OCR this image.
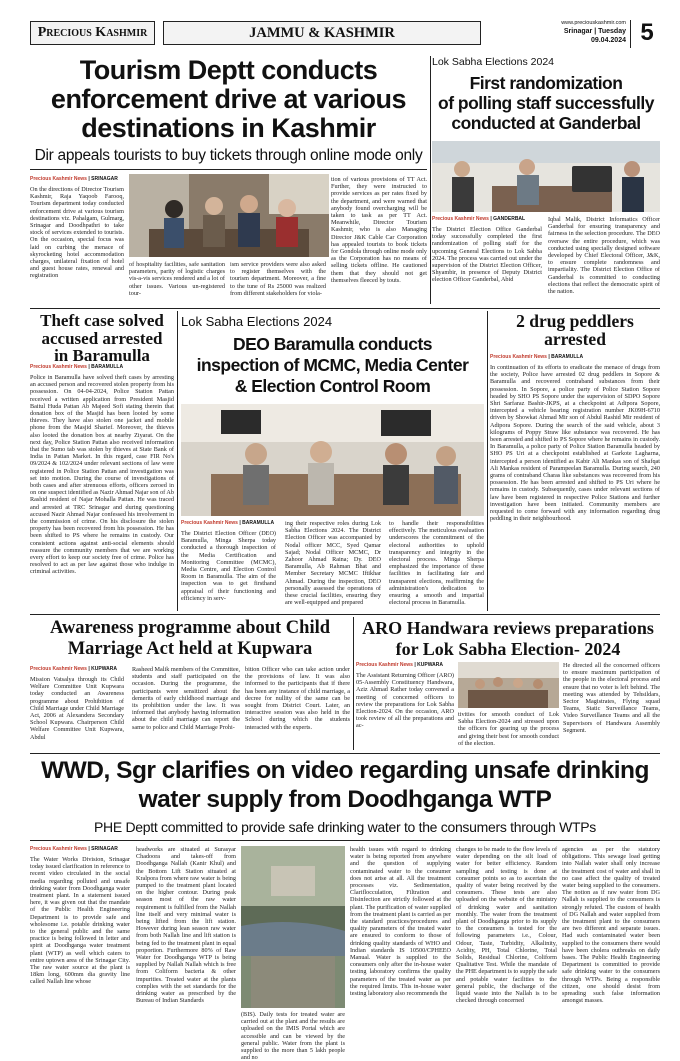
Precious Kashmir	JAMMU & KASHMIR
www.preciouskashmir.com
Srinagar | Tuesday
09.04.2024 5
Tourism Deptt conducts
enforcement drive at various
destinations in Kashmir
Dir appeals tourists to buy tickets through online mode only
Precious Kashmir News | SRINAGAR
On the directions of Director Tourism Kashmir, Raja Yaqoob Farooq, Tourism department today conducted enforcement drive at various tourism destinations viz. Pahalgam, Gulmarg, Srinagar and Doodhpathri to take stock of services extended to tourists. On the occasion, special focus was laid on curbing the menace of skyrocketing hotel accommodation charges, unilateral fixation of hotel and guest house rates, renewal and registration
of hospitality facilities, safe sanitation parameters, parity of logistic charges vis-a-vis services rendered and a lot of other issues. Various un-registered tour-
ism service providers were also asked to register themselves with the tourism department. Moreover, a fine to the tune of Rs 25000 was realized from different stakeholders for viola-
tion of various provisions of TT Act. Further, they were instructed to provide services as per rates fixed by the department, and were warned that anybody found overcharging will be taken to task as per TT Act. Meanwhile, Director Tourism Kashmir, who is also Managing Director J&K Cable Car Corporation has appealed tourists to book tickets for Gondola through online mode only as the Corporation has no means of selling tickets offline. He cautioned them that they should not get themselves fleeced by touts.
Lok Sabha Elections 2024
First randomization
of polling staff successfully
conducted at Ganderbal
Precious Kashmir News | GANDERBAL
The District Election Office Ganderbal today successfully completed the first randomization of polling staff for the upcoming General Elections to Lok Sabha 2024. The process was carried out under the supervision of the District Election Officer, Shyambir, in presence of Deputy District election Officer Ganderbal, Abid
Iqbal Malik, District Informatics Officer Ganderbal for ensuring transparency and fairness in the selection procedure. The DEO oversaw the entire procedure, which was conducted using specially designed software developed by Chief Electoral Officer, J&K, to ensure complete randomness and impartiality. The District Election Office of Ganderbal is committed to conducting elections that reflect the democratic spirit of the nation.
Theft case solved
accused arrested
in Baramulla
Precious Kashmir News | BARAMULLA
Police in Baramulla have solved theft cases by arresting an accused person and recovered stolen property from his possession. On 04-04-2024, Police Station Pattan received a written application from President Masjid Baitul Huda Pattan Ab Majeed Sofi stating therein that donation box of the Masjid has been looted by some thieves. They have also stolen one jacket and mobile phone from the Masjid Sharief. Moreover, the thieves also looted the donation box at nearby Ziyarat. On the next day, Police Station Pattan also received information that the Sumo tab was stolen by thieves at State Bank of India in Pattan Market. In this regard, case FIR No's 09/2024 & 102/2024 under relevant sections of law were registered in Police Station Pattan and investigation was set into motion. During the course of investigations of both cases and after strenuous efforts, officers zeroed in on one suspect identified as Nazir Ahmad Najar son of Ab Rashid resident of Najar Mohalla Pattan. He was traced and arrested at TRC Srinagar and during questioning accused Nazir Ahmad Najar confessed his involvement in the commission of crime. On his disclosure the stolen property has been recovered from his possession. He has been shifted to PS where he remains in custody. Our consistent actions against anti-social elements should reassure the community members that we are working every effort to keep our society free of crime. Police has resolved to act as per law against those who indulge in criminal activities.
Lok Sabha Elections 2024
DEO Baramulla conducts
inspection of MCMC, Media Center
& Election Control Room
Precious Kashmir News | BARAMULLA
The District Election Officer (DEO) Baramulla, Minga Sherpa today conducted a thorough inspection of the Media Certification and Monitoring Committee (MCMC), Media Centre, and Election Control Room in Baramulla. The aim of the inspection was to get firsthand appraisal of their functioning and efficiency in serv-
ing their respective roles during Lok Sabha Elections 2024. The District Election Officer was accompanied by Nodal officer MCC, Syed Qamar Sajad; Nodal Officer MCMC, Dr Zahoor Ahmad Raina; Dy. DEO Baramulla, Ab Rahman Bhat and Member Secretary MCMC Iftikhar Ahmad. During the inspection, DEO personally assessed the operations of these crucial facilities, ensuring they are well-equipped and prepared
to handle their responsibilities effectively. The meticulous evaluation underscores the commitment of the electoral authorities to uphold transparency and integrity in the electoral process. Minga Sherpa emphasized the importance of these facilities in facilitating fair and transparent elections, reaffirming the administration's dedication to ensuring a smooth and impartial electoral process in Baramulla.
2 drug peddlers
arrested
Precious Kashmir News | BARAMULLA
In continuation of its efforts to eradicate the menace of drugs from the society, Police have arrested 02 drug peddlers in Sopore & Baramulla and recovered contraband substances from their possession. In Sopore, a police party of Police Station Sopore headed by SHO PS Sopore under the supervision of SDPO Sopore Shri Sarfaraz Bashir-JKPS, at a checkpoint at Adipora Sopore, intercepted a vehicle bearing registration number JK09H-6710 driven by Showkat Ahmad Mir son of Abdul Rashid Mir resident of Adipora Sopore. During the search of the said vehicle, about 3 kilograms of Poppy Straw like substance was recovered. He has been arrested and shifted to PS Sopore where he remains in custody. In Baramulla, a police party of Police Station Baramulla headed by SHO PS Uri at a checkpoint established at Garkote Lagharna, intercepted a person identified as Kabir Ali Mankas son of Shafqat Ali Mankas resident of Parampeelan Baramulla. During search, 240 grams of contraband Charas like substances was recovered from his possession. He has been arrested and shifted to PS Uri where he remains in custody. Subsequently, cases under relevant sections of law have been registered in respective Police Stations and further investigation have been initiated. Community members are requested to come forward with any information regarding drug peddling in their neighbourhood.
Awareness programme about Child
Marriage Act held at Kupwara
Precious Kashmir News | KUPWARA
Mission Vatsalya through its Child Welfare Committee Unit Kupwara today conducted an Awareness programme about Prohibition of Child Marriage under Child Marriage Act, 2006 at Alexandera Secondary School Kupwara. Chairperson Child Welfare Committee Unit Kupwara, Abdul
Rasheed Malik members of the Committee, students and staff participated on the occasion. During the programme, the participants were sensitized about the demerits of early childhood marriage and its prohibition under the law. It was informed that anybody having information about the child marriage can report the same to police and Child Marriage Prohi-
bition Officer who can take action under the provisions of law. It was also informed to the participants that if there has been any instance of child marriage, a decree for nullity of the same can be sought from District Court. Later, an interactive session was also held in the School during which the students interacted with the experts.
ARO Handwara reviews preparations
for Lok Sabha Election- 2024
Precious Kashmir News | KUPWARA
The Assistant Returning Officer (ARO) 05-Assembly Constituency Handwara, Aziz Ahmad Rather today convened a meeting of concerned officers to review the preparations for Lok Sabha Election-2024. On the occasion, ARO took review of all the preparations and ac-
tivities for smooth conduct of Lok Sabha Election-2024 and stressed upon the officers for gearing up the process and giving their best for smooth conduct of the election.
He directed all the concerned officers to ensure maximum participation of the people in the electoral process and ensure that no voter is left behind. The meeting was attended by Tehsildars, Sector Magistrates, Flying squad Teams, Static Surveillance Teams, Video Surveillance Teams and all the Supervisors of Handwara Assembly Segment.
WWD, Sgr clarifies on video regarding unsafe drinking
water supply from Doodhganga WTP
PHE Deptt committed to provide safe drinking water to the consumers through WTPs
Precious Kashmir News | SRINAGAR
The Water Works Division, Srinagar today issued clarification in reference to recent video circulated in the social media regarding polluted and unsafe drinking water from Doodhganga water treatment plant. In a statement issued here, it was given out that the mandate of the Public Health Engineering Department is to provide safe and wholesome i.e. potable drinking water to the general public and the same practice is being followed in letter and spirit at Doodhganga water treatment plant (WTP) as well which caters to entire uptown area of the Srinagar City. The raw water source at the plant is 18km long, 600mm dia gravity line called Nallah line whose
headworks are situated at Surasyar Chadoora and takes-off from Doodhganga Nallah (Kanir Khul) and the Bottom Lift Station situated at Kralpora from where raw water is being pumped to the treatment plant located on the higher contour. During peak season most of the raw water requirement is fulfilled from the Nallah line itself and very minimal water is being lifted from the lift station. However during lean season raw water from both Nallah line and lift station is being fed to the treatment plant in equal proportion. Furthermore 80% of Raw Water for Doodhganga WTP is being supplied by Nallah Nallah which is free from Coliform bacteria & other impurities. Treated water at the plants complies with the set standards for the drinking water as prescribed by the Bureau of Indian Standards
(BIS). Daily tests for treated water are carried out at the plant and the results are uploaded on the IMIS Portal which are accessible and can be viewed by the general public. Water from the plant is supplied to the more than 5 lakh people and no
health issues with regard to drinking water is being reported from anywhere and the question of supplying contaminated water to the consumer does not arise at all. All the treatment processes viz. Sedimentation, Clariflocculation, Filtration and Disinfection are strictly followed at the plant. The purification of water supplied from the treatment plant is carried as per the standard practices/procedures and quality parameters of the treated water are ensured to conform to those of drinking quality standards of WHO and Indian standards IS 10500/CPHEEO Manual. Water is supplied to the consumers only after the in-house water testing laboratory confirms the quality parameters of the treated water as per the required limits. This in-house water testing laboratory also recommends the
changes to be made to the flow levels of water depending on the silt load of water for better efficiency. Random sampling and testing is done at consumer points so as to ascertain the quality of water being received by the consumers. These tests are also uploaded on the website of the ministry of drinking water and sanitation monthly. The water from the treatment plant of Doodhganga prior to its supply to the consumers is tested for the following parameters i.e., Colour, Odour, Taste, Turbidity, Alkalinity, Acidity, PH, Total Chlorine, Total Solids, Residual Chlorine, Coliform Qualitative Test. While the mandate of the PHE department is to supply the safe and potable water facilities to the general public, the discharge of the liquid waste into the Nallah is to be checked through concerned
agencies as per the statutory obligations. This sewage load getting into Nallah water shall only increase the treatment cost of water and shall in no case affect the quality of treated water being supplied to the consumers. The notion as if raw water from DG Nallah is supplied to the consumers is strongly refuted. The custom of health of DG Nallah and water supplied from the treatment plant to the consumers are two different and separate issues. Had such contaminated water been supplied to the consumers there would have been cholera outbreaks on daily bases. The Public Health Engineering Department is committed to provide safe drinking water to the consumers through WTPs. Being a responsible citizen, one should desist from spreading such false information amongst masses.
